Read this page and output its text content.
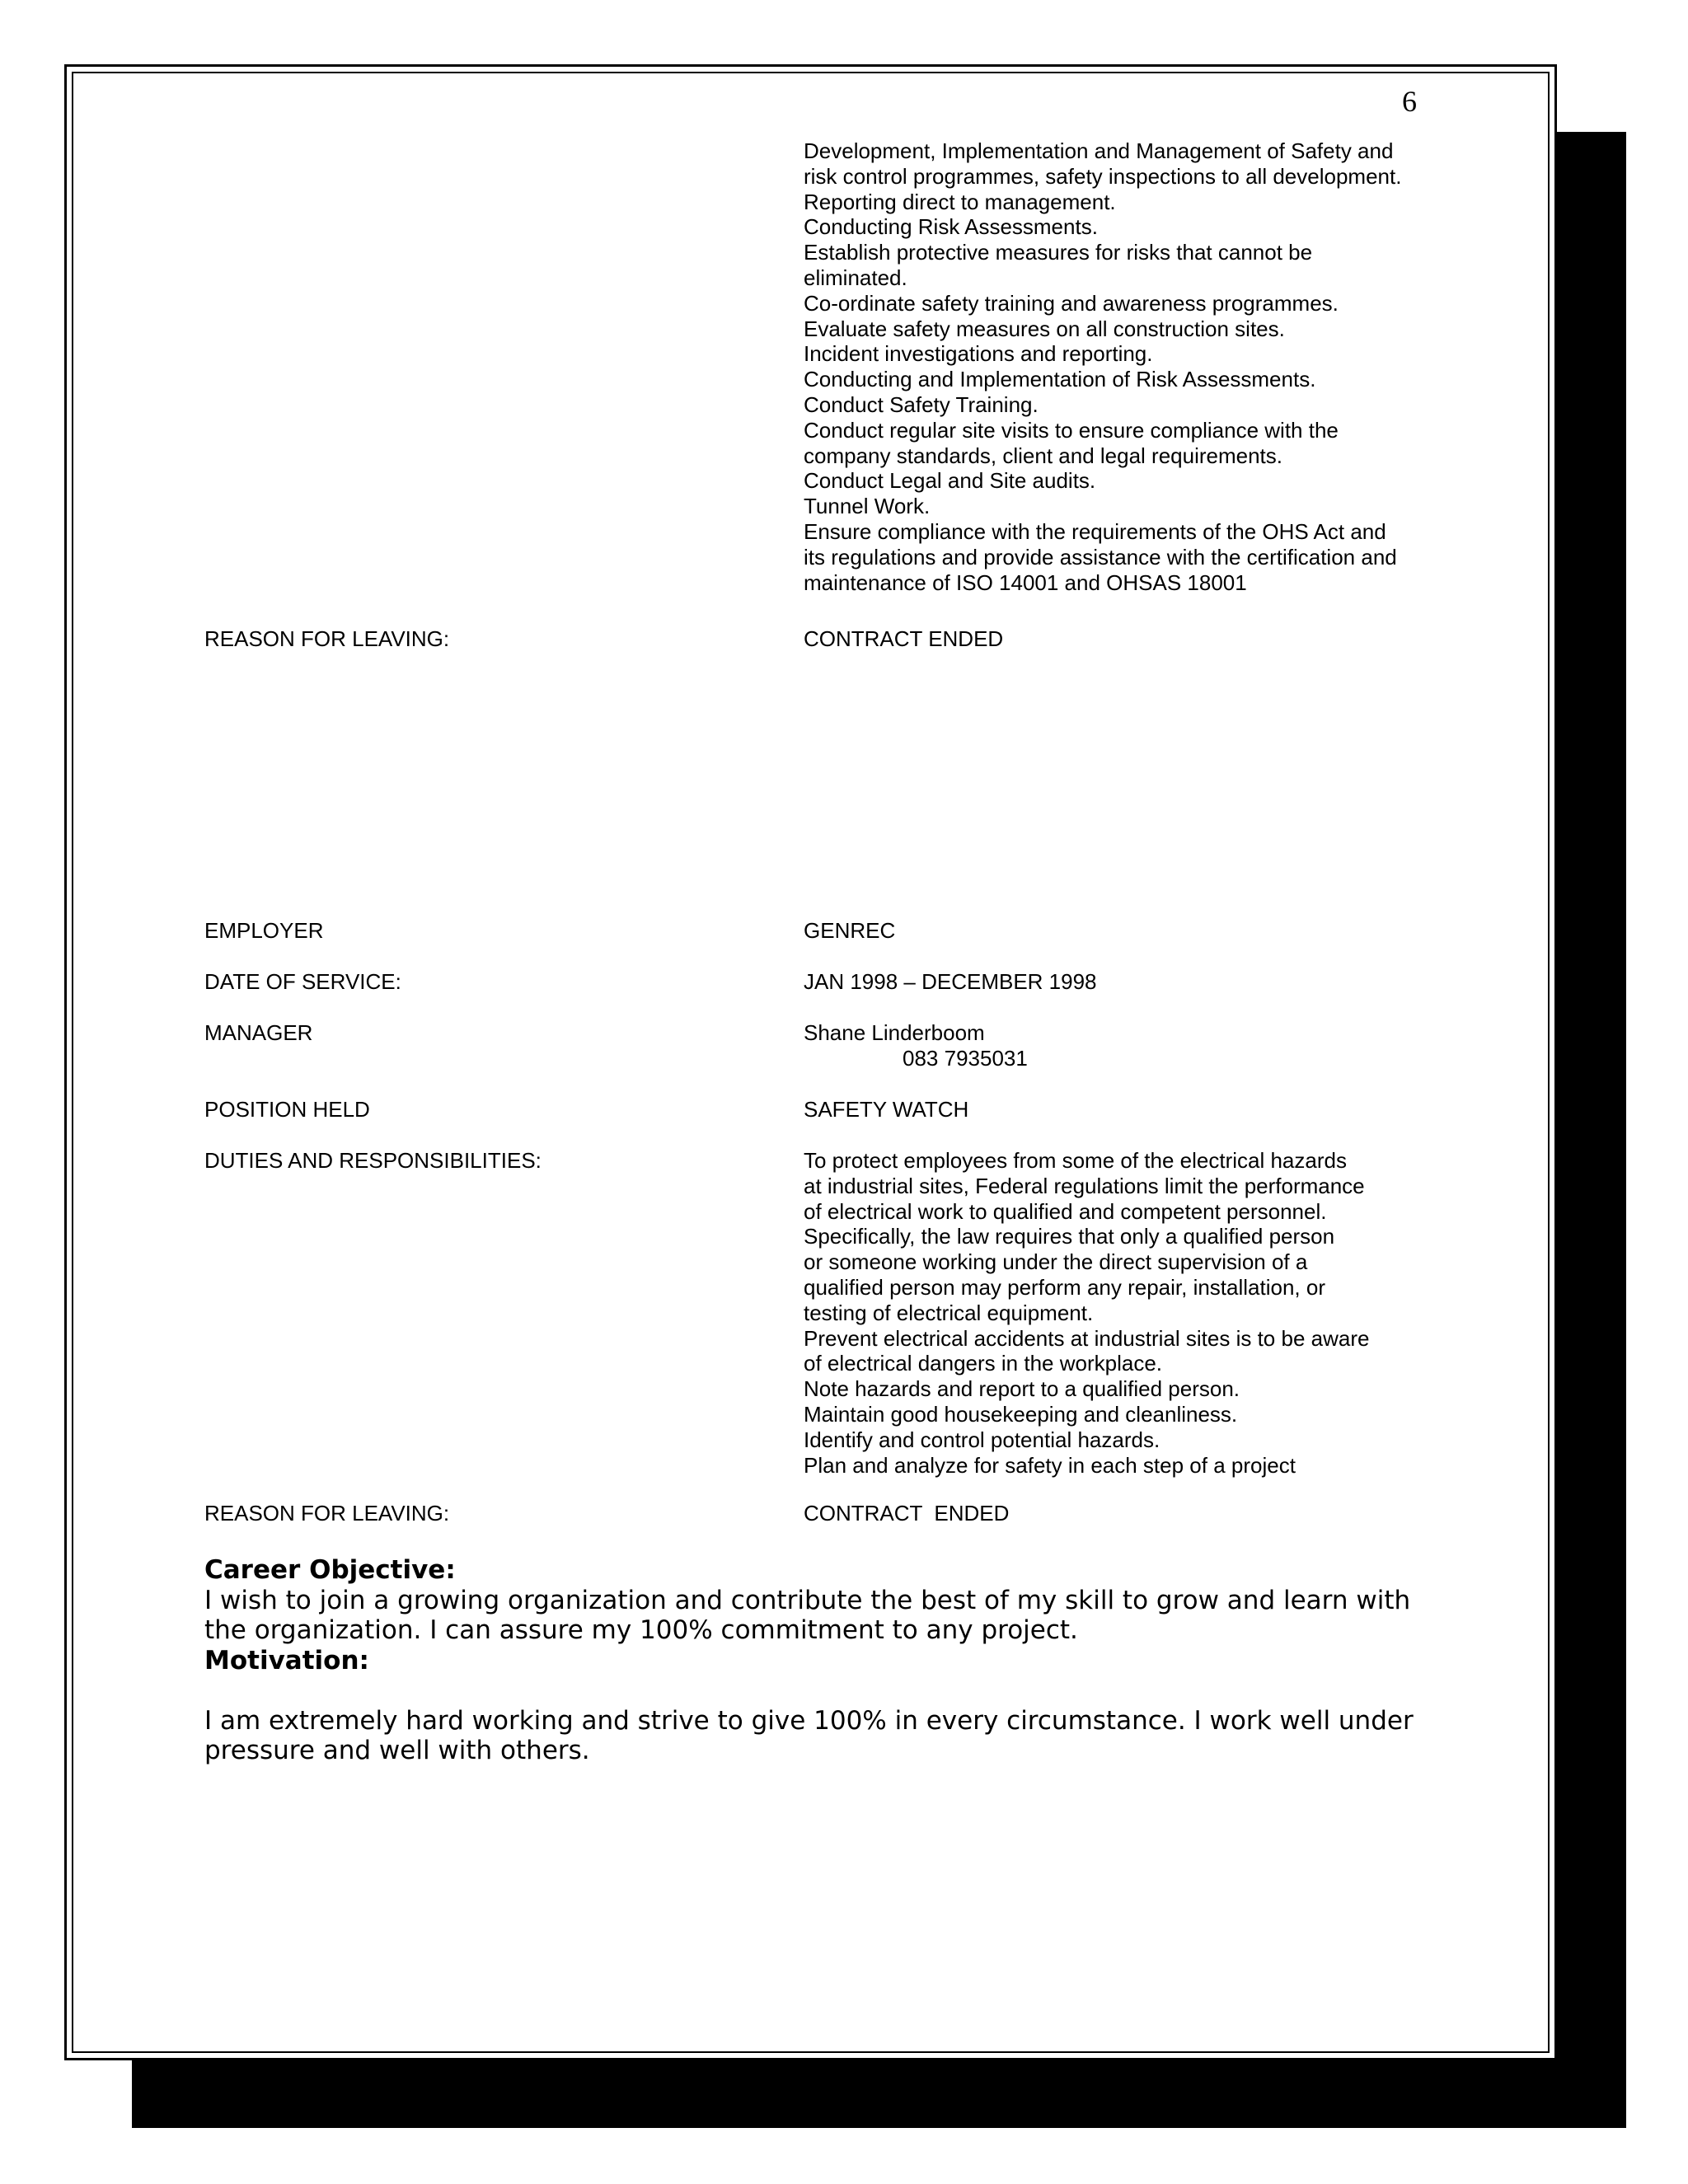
6
Development, Implementation and Management of Safety and
risk control programmes, safety inspections to all development.
Reporting direct to management.
Conducting Risk Assessments.
Establish protective measures for risks that cannot be
eliminated.
Co-ordinate safety training and awareness programmes.
Evaluate safety measures on all construction sites.
Incident investigations and reporting.
Conducting and Implementation of Risk Assessments.
Conduct Safety Training.
Conduct regular site visits to ensure compliance with the
company standards, client and legal requirements.
Conduct Legal and Site audits.
Tunnel Work.
Ensure compliance with the requirements of the OHS Act and
its regulations and provide assistance with the certification and
maintenance of ISO 14001 and OHSAS 18001
REASON FOR LEAVING:	CONTRACT ENDED
EMPLOYER	GENREC
DATE OF SERVICE:	JAN 1998 – DECEMBER 1998
MANAGER	Shane Linderboom
083 7935031
POSITION HELD	SAFETY WATCH
DUTIES AND RESPONSIBILITIES:	To protect employees from some of the electrical hazards
at industrial sites, Federal regulations limit the performance
of electrical work to qualified and competent personnel.
Specifically, the law requires that only a qualified person
or someone working under the direct supervision of a
qualified person may perform any repair, installation, or
testing of electrical equipment.
Prevent electrical accidents at industrial sites is to be aware
of electrical dangers in the workplace.
Note hazards and report to a qualified person.
Maintain good housekeeping and cleanliness.
Identify and control potential hazards.
Plan and analyze for safety in each step of a project
REASON FOR LEAVING:	CONTRACT  ENDED
Career Objective:
I wish to join a growing organization and contribute the best of my skill to grow and learn with
the organization. I can assure my 100% commitment to any project.
Motivation:
I am extremely hard working and strive to give 100% in every circumstance. I work well under
pressure and well with others.
